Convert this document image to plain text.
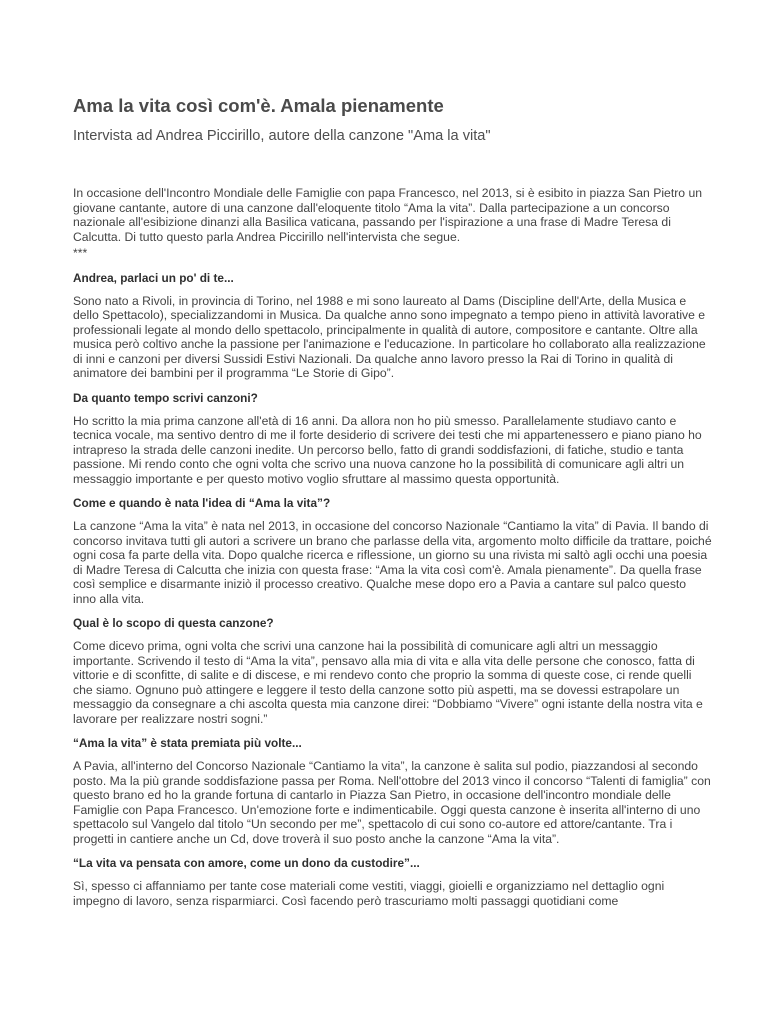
Ama la vita così com'è. Amala pienamente
Intervista ad Andrea Piccirillo, autore della canzone "Ama la vita"

In occasione dell'Incontro Mondiale delle Famiglie con papa Francesco, nel 2013, si è esibito in piazza San Pietro un giovane cantante, autore di una canzone dall'eloquente titolo “Ama la vita”. Dalla partecipazione a un concorso nazionale all'esibizione dinanzi alla Basilica vaticana, passando per l'ispirazione a una frase di Madre Teresa di Calcutta. Di tutto questo parla Andrea Piccirillo nell'intervista che segue.

***

Andrea, parlaci un po' di te...

Sono nato a Rivoli, in provincia di Torino, nel 1988 e mi sono laureato al Dams (Discipline dell'Arte, della Musica e dello Spettacolo), specializzandomi in Musica. Da qualche anno sono impegnato a tempo pieno in attività lavorative e professionali legate al mondo dello spettacolo, principalmente in qualità di autore, compositore e cantante. Oltre alla musica però coltivo anche la passione per l'animazione e l'educazione. In particolare ho collaborato alla realizzazione di inni e canzoni per diversi Sussidi Estivi Nazionali. Da qualche anno lavoro presso la Rai di Torino in qualità di animatore dei bambini per il programma “Le Storie di Gipo”.

Da quanto tempo scrivi canzoni?

Ho scritto la mia prima canzone all'età di 16 anni. Da allora non ho più smesso. Parallelamente studiavo canto e tecnica vocale, ma sentivo dentro di me il forte desiderio di scrivere dei testi che mi appartenessero e piano piano ho intrapreso la strada delle canzoni inedite. Un percorso bello, fatto di grandi soddisfazioni, di fatiche, studio e tanta passione. Mi rendo conto che ogni volta che scrivo una nuova canzone ho la possibilità di comunicare agli altri un messaggio importante e per questo motivo voglio sfruttare al massimo questa opportunità.

Come e quando è nata l'idea di “Ama la vita”?

La canzone “Ama la vita” è nata nel 2013, in occasione del concorso Nazionale “Cantiamo la vita” di Pavia. Il bando di concorso invitava tutti gli autori a scrivere un brano che parlasse della vita, argomento molto difficile da trattare, poiché ogni cosa fa parte della vita. Dopo qualche ricerca e riflessione, un giorno su una rivista mi saltò agli occhi una poesia di Madre Teresa di Calcutta che inizia con questa frase: “Ama la vita così com'è. Amala pienamente”. Da quella frase così semplice e disarmante iniziò il processo creativo. Qualche mese dopo ero a Pavia a cantare sul palco questo inno alla vita.

Qual è lo scopo di questa canzone?

Come dicevo prima, ogni volta che scrivi una canzone hai la possibilità di comunicare agli altri un messaggio importante. Scrivendo il testo di “Ama la vita”, pensavo alla mia di vita e alla vita delle persone che conosco, fatta di vittorie e di sconfitte, di salite e di discese, e mi rendevo conto che proprio la somma di queste cose, ci rende quelli che siamo. Ognuno può attingere e leggere il testo della canzone sotto più aspetti, ma se dovessi estrapolare un messaggio da consegnare a chi ascolta questa mia canzone direi: “Dobbiamo “Vivere” ogni istante della nostra vita e lavorare per realizzare nostri sogni.”

“Ama la vita” è stata premiata più volte...

A Pavia, all'interno del Concorso Nazionale “Cantiamo la vita”, la canzone è salita sul podio, piazzandosi al secondo posto. Ma la più grande soddisfazione passa per Roma. Nell'ottobre del 2013 vinco il concorso “Talenti di famiglia” con questo brano ed ho la grande fortuna di cantarlo in Piazza San Pietro, in occasione dell'incontro mondiale delle Famiglie con Papa Francesco. Un'emozione forte e indimenticabile. Oggi questa canzone è inserita all'interno di uno spettacolo sul Vangelo dal titolo “Un secondo per me”, spettacolo di cui sono co-autore ed attore/cantante. Tra i progetti in cantiere anche un Cd, dove troverà il suo posto anche la canzone “Ama la vita”.

“La vita va pensata con amore, come un dono da custodire”...

Sì, spesso ci affanniamo per tante cose materiali come vestiti, viaggi, gioielli e organizziamo nel dettaglio ogni impegno di lavoro, senza risparmiarci. Così facendo però trascuriamo molti passaggi quotidiani come
